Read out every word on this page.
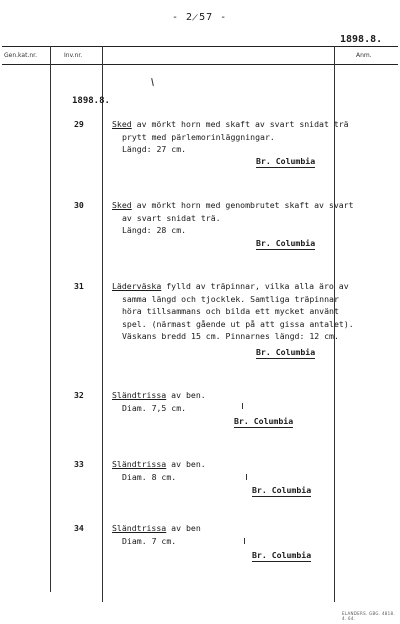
- 2̷57 -
1898.8.
Gen.kat.nr.	Inv.nr.	Anm.
1898.8.
29	Sked av mörkt horn med skaft av svart snidat trä
prytt med pärlemorinläggningar.
Längd: 27 cm.
Br. Columbia
30	Sked av mörkt horn med genombrutet skaft av svart
av svart snidat trä.
Längd: 28 cm.
Br. Columbia
31	Läderväska fylld av träpinnar, vilka alla äro av
samma längd och tjocklek. Samtliga träpinnar
höra tillsammans och bilda ett mycket använt
spel. (närmast gående ut på att gissa antalet).
Väskans bredd 15 cm. Pinnarnes längd: 12 cm.
Br. Columbia
32	Sländtrissa av ben.
Diam. 7,5 cm.
Br. Columbia
33	Sländtrissa av ben.
Diam. 8 cm.
Br. Columbia
34	Sländtrissa av ben
Diam. 7 cm.
Br. Columbia
ELANDERS. GBG. 4818. 4. 64.
